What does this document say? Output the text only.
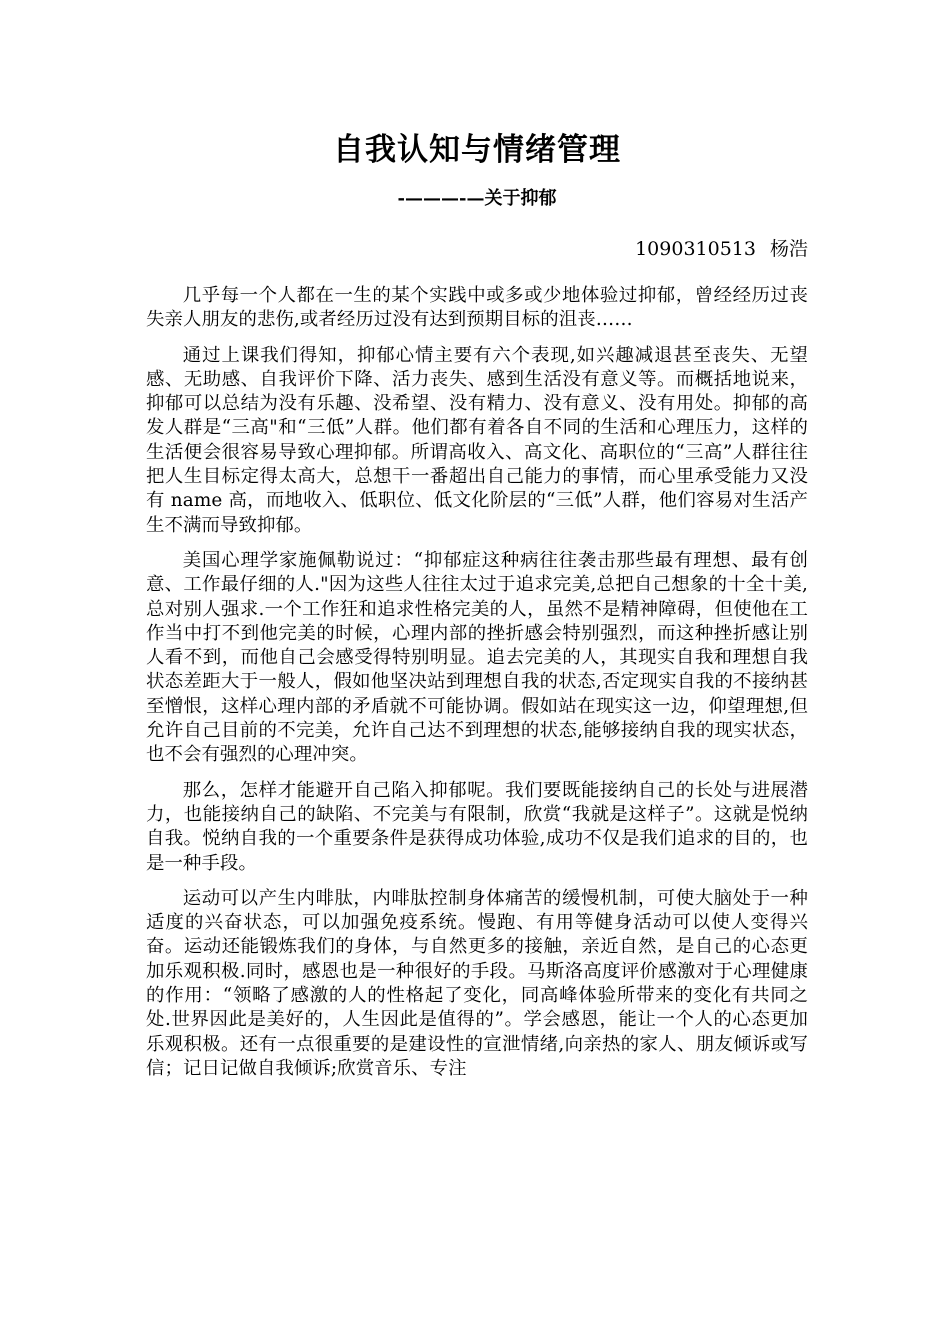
自我认知与情绪管理
-———-—关于抑郁
1090310513 杨浩

几乎每一个人都在一生的某个实践中或多或少地体验过抑郁，曾经经历过丧失亲人朋友的悲伤,或者经历过没有达到预期目标的沮丧……

通过上课我们得知，抑郁心情主要有六个表现,如兴趣减退甚至丧失、无望感、无助感、自我评价下降、活力丧失、感到生活没有意义等。而概括地说来，抑郁可以总结为没有乐趣、没希望、没有精力、没有意义、没有用处。抑郁的高发人群是“三高"和“三低”人群。他们都有着各自不同的生活和心理压力，这样的生活便会很容易导致心理抑郁。所谓高收入、高文化、高职位的“三高”人群往往把人生目标定得太高大，总想干一番超出自己能力的事情，而心里承受能力又没有 name 高，而地收入、低职位、低文化阶层的“三低”人群，他们容易对生活产生不满而导致抑郁。

美国心理学家施佩勒说过：“抑郁症这种病往往袭击那些最有理想、最有创意、工作最仔细的人."因为这些人往往太过于追求完美,总把自己想象的十全十美,总对别人强求.一个工作狂和追求性格完美的人，虽然不是精神障碍，但使他在工作当中打不到他完美的时候，心理内部的挫折感会特别强烈，而这种挫折感让别人看不到，而他自己会感受得特别明显。追去完美的人，其现实自我和理想自我状态差距大于一般人，假如他坚决站到理想自我的状态,否定现实自我的不接纳甚至憎恨，这样心理内部的矛盾就不可能协调。假如站在现实这一边，仰望理想,但允许自己目前的不完美，允许自己达不到理想的状态,能够接纳自我的现实状态，也不会有强烈的心理冲突。

那么，怎样才能避开自己陷入抑郁呢。我们要既能接纳自己的长处与进展潜力，也能接纳自己的缺陷、不完美与有限制，欣赏“我就是这样子”。这就是悦纳自我。悦纳自我的一个重要条件是获得成功体验,成功不仅是我们追求的目的，也是一种手段。

运动可以产生内啡肽，内啡肽控制身体痛苦的缓慢机制，可使大脑处于一种适度的兴奋状态，可以加强免疫系统。慢跑、有用等健身活动可以使人变得兴奋。运动还能锻炼我们的身体，与自然更多的接触，亲近自然，是自己的心态更加乐观积极.同时，感恩也是一种很好的手段。马斯洛高度评价感激对于心理健康的作用：“领略了感激的人的性格起了变化，同高峰体验所带来的变化有共同之处.世界因此是美好的，人生因此是值得的”。学会感恩，能让一个人的心态更加乐观积极。还有一点很重要的是建设性的宣泄情绪,向亲热的家人、朋友倾诉或写信；记日记做自我倾诉;欣赏音乐、专注
